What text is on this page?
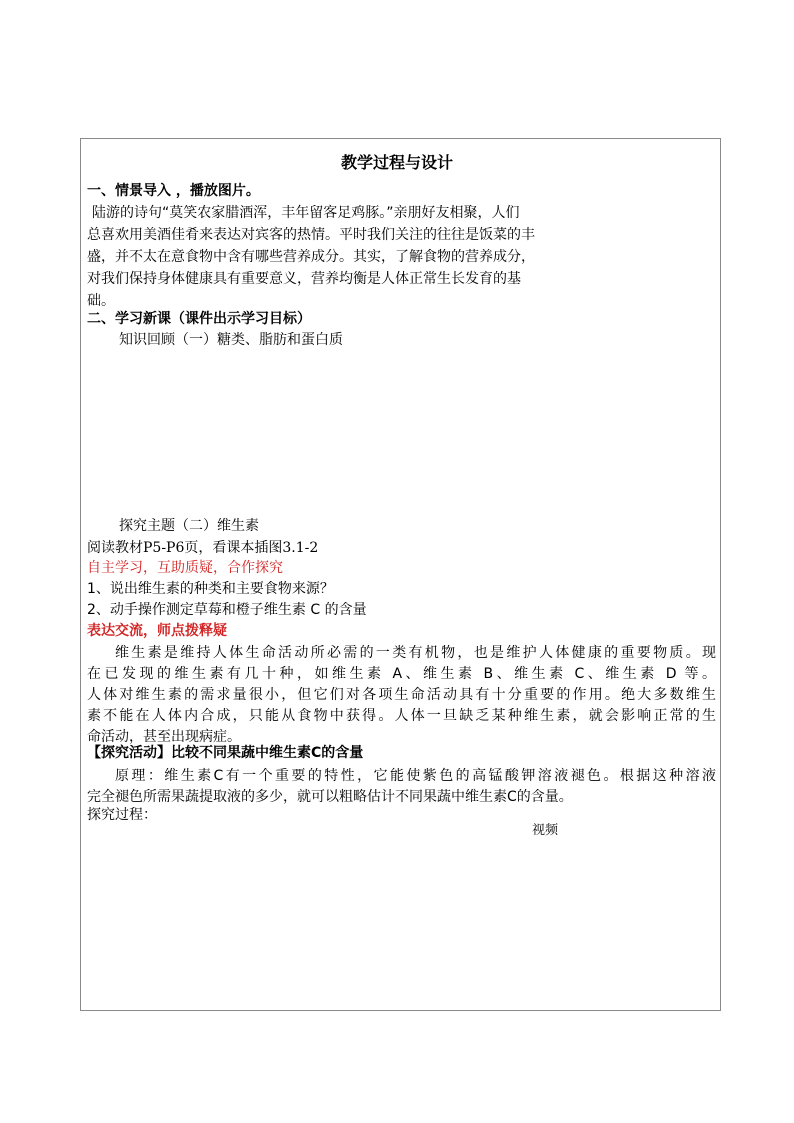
教学过程与设计
一、情景导入 ，播放图片。
陆游的诗句“莫笑农家腊酒浑，丰年留客足鸡豚。”亲朋好友相聚，人们
总喜欢用美酒佳肴来表达对宾客的热情。平时我们关注的往往是饭菜的丰
盛，并不太在意食物中含有哪些营养成分。其实，了解食物的营养成分，
对我们保持身体健康具有重要意义，营养均衡是人体正常生长发育的基
础。
二、学习新课（课件出示学习目标）
知识回顾（一）糖类、脂肪和蛋白质
探究主题（二）维生素
阅读教材P5-P6页，看课本插图3.1-2
自主学习，互助质疑，合作探究
1、说出维生素的种类和主要食物来源？
2、动手操作测定草莓和橙子维生素 C 的含量
表达交流，师点拨释疑
维生素是维持人体生命活动所必需的一类有机物，也是维护人体健康的重要物质。现
在已发现的维生素有几十种，如维生素 A、维生素 B、维生素 C、维生素 D 等。
人体对维生素的需求量很小，但它们对各项生命活动具有十分重要的作用。绝大多数维生
素不能在人体内合成，只能从食物中获得。人体一旦缺乏某种维生素，就会影响正常的生
命活动，甚至出现病症。
【探究活动】比较不同果蔬中维生素C的含量
原理：维生素C有一个重要的特性，它能使紫色的高锰酸钾溶液褪色。根据这种溶液
完全褪色所需果蔬提取液的多少，就可以粗略估计不同果蔬中维生素C的含量。
探究过程：
视频
